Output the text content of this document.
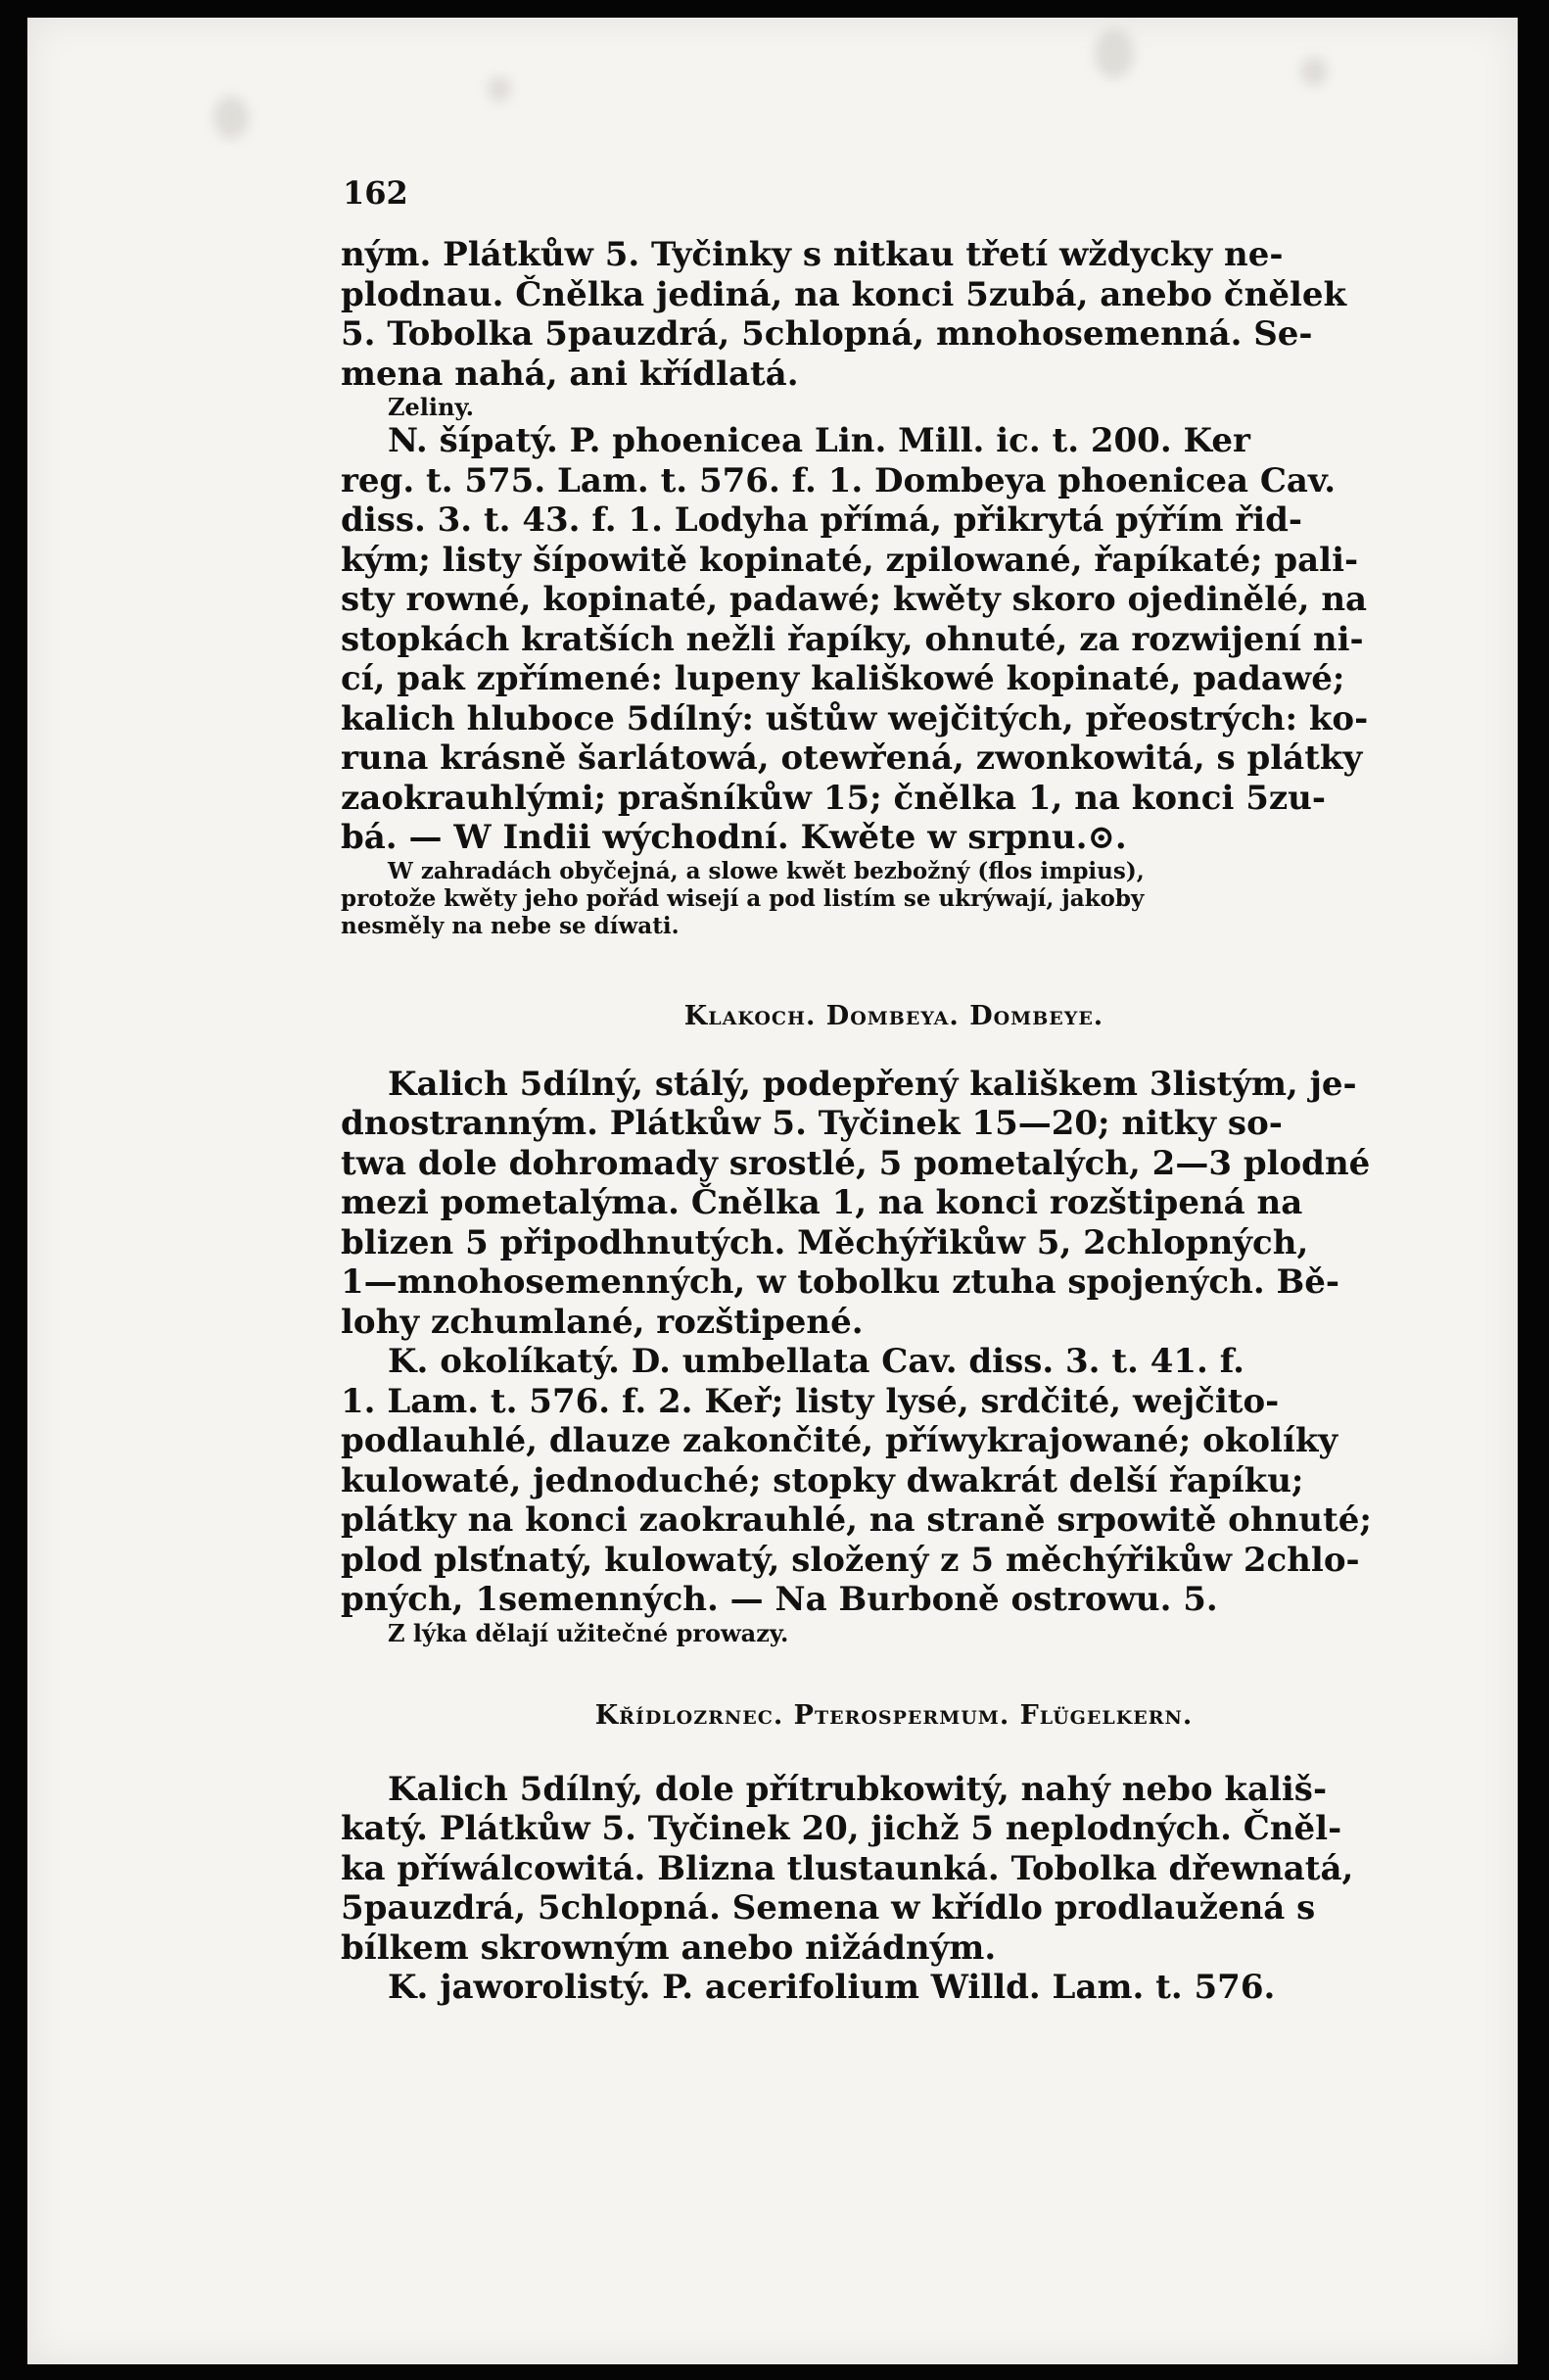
162

ným. Plátkůw 5. Tyčinky s nitkau třetí wždycky ne-

plodnau. Čnělka jediná, na konci 5zubá, anebo čnělek

5. Tobolka 5pauzdrá, 5chlopná, mnohosemenná. Se-

mena nahá, ani křídlatá.

Zeliny.

N. šípatý. P. phoenicea Lin. Mill. ic. t. 200. Ker

reg. t. 575. Lam. t. 576. f. 1. Dombeya phoenicea Cav.

diss. 3. t. 43. f. 1. Lodyha přímá, přikrytá pýřím řid-

kým; listy šípowitě kopinaté, zpilowané, řapíkaté; pali-

sty rowné, kopinaté, padawé; kwěty skoro ojedinělé, na

stopkách kratších nežli řapíky, ohnuté, za rozwijení ni-

cí, pak zpřímené: lupeny kališkowé kopinaté, padawé;

kalich hluboce 5dílný: uštůw wejčitých, přeostrých: ko-

runa krásně šarlátowá, otewřená, zwonkowitá, s plátky

zaokrauhlými; prašníkůw 15; čnělka 1, na konci 5zu-

bá. — W Indii wýchodní. Kwěte w srpnu.⊙.

W zahradách obyčejná, a slowe kwět bezbožný (flos impius),

protože kwěty jeho pořád wisejí a pod listím se ukrýwají, jakoby

nesměly na nebe se díwati.

Klakoch. Dombeya. Dombeye.

Kalich 5dílný, stálý, podepřený kališkem 3listým, je-

dnostranným. Plátkůw 5. Tyčinek 15—20; nitky so-

twa dole dohromady srostlé, 5 pometalých, 2—3 plodné

mezi pometalýma. Čnělka 1, na konci rozštipená na

blizen 5 připodhnutých. Měchýřikůw 5, 2chlopných,

1—mnohosemenných, w tobolku ztuha spojených. Bě-

lohy zchumlané, rozštipené.

K. okolíkatý. D. umbellata Cav. diss. 3. t. 41. f.

1. Lam. t. 576. f. 2. Keř; listy lysé, srdčité, wejčito-

podlauhlé, dlauze zakončité, příwykrajowané; okolíky

kulowaté, jednoduché; stopky dwakrát delší řapíku;

plátky na konci zaokrauhlé, na straně srpowitě ohnuté;

plod plsťnatý, kulowatý, složený z 5 měchýřikůw 2chlo-

pných, 1semenných. — Na Burboně ostrowu. 5.

Z lýka dělají užitečné prowazy.

Křídlozrnec. Pterospermum. Flügelkern.

Kalich 5dílný, dole přítrubkowitý, nahý nebo kališ-

katý. Plátkůw 5. Tyčinek 20, jichž 5 neplodných. Čněl-

ka příwálcowitá. Blizna tlustaunká. Tobolka dřewnatá,

5pauzdrá, 5chlopná. Semena w křídlo prodlaužená s

bílkem skrowným anebo nižádným.

K. jaworolistý. P. acerifolium Willd. Lam. t. 576.
